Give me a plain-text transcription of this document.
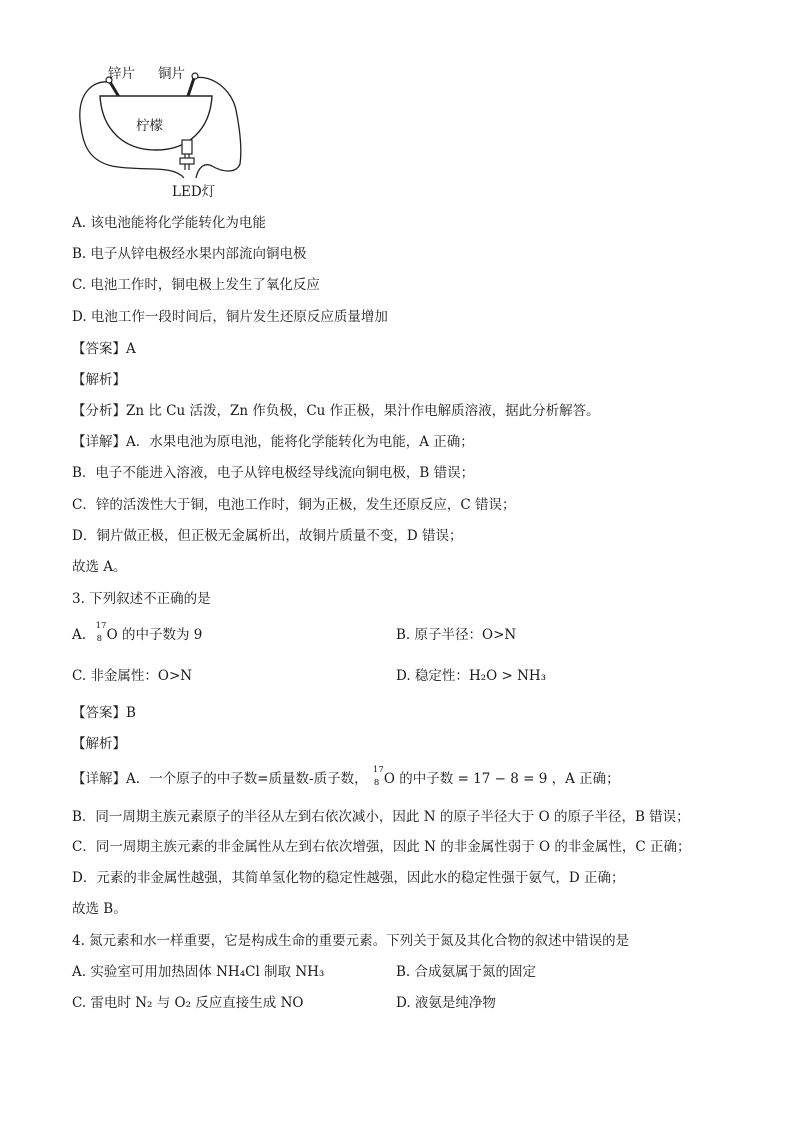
锌片 铜片
柠檬
LED灯
A. 该电池能将化学能转化为电能
B. 电子从锌电极经水果内部流向铜电极
C. 电池工作时，铜电极上发生了氧化反应
D. 电池工作一段时间后，铜片发生还原反应质量增加
【答案】A
【解析】
【分析】Zn 比 Cu 活泼，Zn 作负极，Cu 作正极，果汁作电解质溶液，据此分析解答。
【详解】A．水果电池为原电池，能将化学能转化为电能，A 正确；
B．电子不能进入溶液，电子从锌电极经导线流向铜电极，B 错误；
C．锌的活泼性大于铜，电池工作时，铜为正极，发生还原反应，C 错误；
D．铜片做正极，但正极无金属析出，故铜片质量不变，D 错误；
故选 A。
3. 下列叙述不正确的是
A.
17
8 O 的中子数为 9	B. 原子半径：O>N
C. 非金属性：O>N	D. 稳定性：H₂O > NH₃
【答案】B
【解析】
【详解】A．一个原子的中子数=质量数-质子数，
17
8 O 的中子数 = 17 − 8 = 9 ，A 正确；
B．同一周期主族元素原子的半径从左到右依次减小，因此 N 的原子半径大于 O 的原子半径，B 错误；
C．同一周期主族元素的非金属性从左到右依次增强，因此 N 的非金属性弱于 O 的非金属性，C 正确；
D．元素的非金属性越强，其简单氢化物的稳定性越强，因此水的稳定性强于氨气，D 正确；
故选 B。
4. 氮元素和水一样重要，它是构成生命的重要元素。下列关于氮及其化合物的叙述中错误的是
A. 实验室可用加热固体 NH₄Cl 制取 NH₃	B. 合成氨属于氮的固定
C. 雷电时 N₂ 与 O₂ 反应直接生成 NO	D. 液氨是纯净物
